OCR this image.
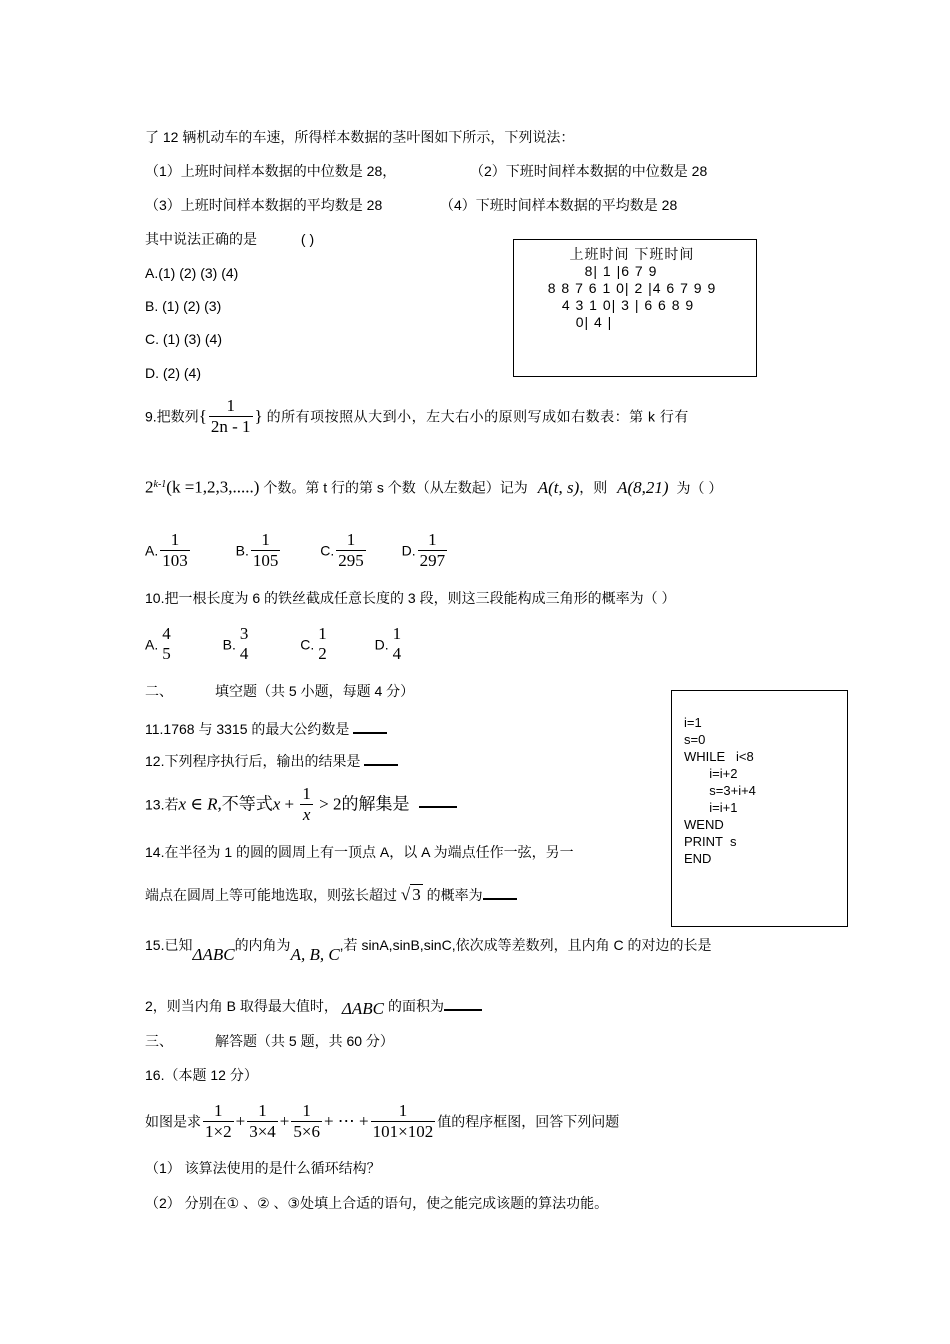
了 12 辆机动车的车速，所得样本数据的茎叶图如下所示，下列说法：
（1）上班时间样本数据的中位数是 28，	（2）下班时间样本数据的中位数是 28
（3）上班时间样本数据的平均数是 28	（4）下班时间样本数据的平均数是 28
其中说法正确的是	( )
A.(1) (2) (3) (4)
B. (1) (2) (3)
C. (1) (3) (4)
D. (2) (4)
上班时间 下班时间
8| 1 |6 7 9
8 8 7 6 1 0| 2 |4 6 7 9 9
4 3 1 0| 3 | 6 6 8 9
0| 4 |
9.把数列{ $\frac{1}{2n - 1}$ } 的所有项按照从大到小，左大右小的原则写成如右数表：第 k 行有
$2^{k-1}(k =1,2,3,.....)$ 个数。第 t 行的第 s 个数（从左数起）记为 A(t, s)，则 A(8,21) 为（ ）
A. $\frac{1}{103}$	B. $\frac{1}{105}$	C. $\frac{1}{295}$	D. $\frac{1}{297}$
10.把一根长度为 6 的铁丝截成任意长度的 3 段，则这三段能构成三角形的概率为（ ）
A.
4
5	B.
3
4	C.
1
2	D.
1
4
二、	填空题（共 5 小题，每题 4 分）
11.1768 与 3315 的最大公约数是
12.下列程序执行后，输出的结果是
13.若x ∈ R,不等式$x + \frac{1}{x} > 2$的解集是
14.在半径为 1 的圆的圆周上有一顶点 A，以 A 为端点任作一弦，另一
端点在圆周上等可能地选取，则弦长超过 √ 3 的概率为
15.已知ΔABC的内角为A, B, C,若 sinA,sinB,sinC,依次成等差数列，且内角 C 的对边的长是
2，则当内角 B 取得最大值时， ΔABC 的面积为

i=1
s=0
WHILE   i<8
i=i+2
s=3+i+4
i=i+1
WEND
PRINT  s
END
三、	解答题（共 5 题，共 60 分）
16.（本题 12 分）
如图是求 $\frac{1}{1\times 2} + \frac{1}{3\times 4} + \frac{1}{5\times 6}$ + ⋯ + $\frac{1}{101\times 102}$ 值的程序框图，回答下列问题
（1） 该算法使用的是什么循环结构？
（2） 分别在① 、② 、③处填上合适的语句，使之能完成该题的算法功能。
